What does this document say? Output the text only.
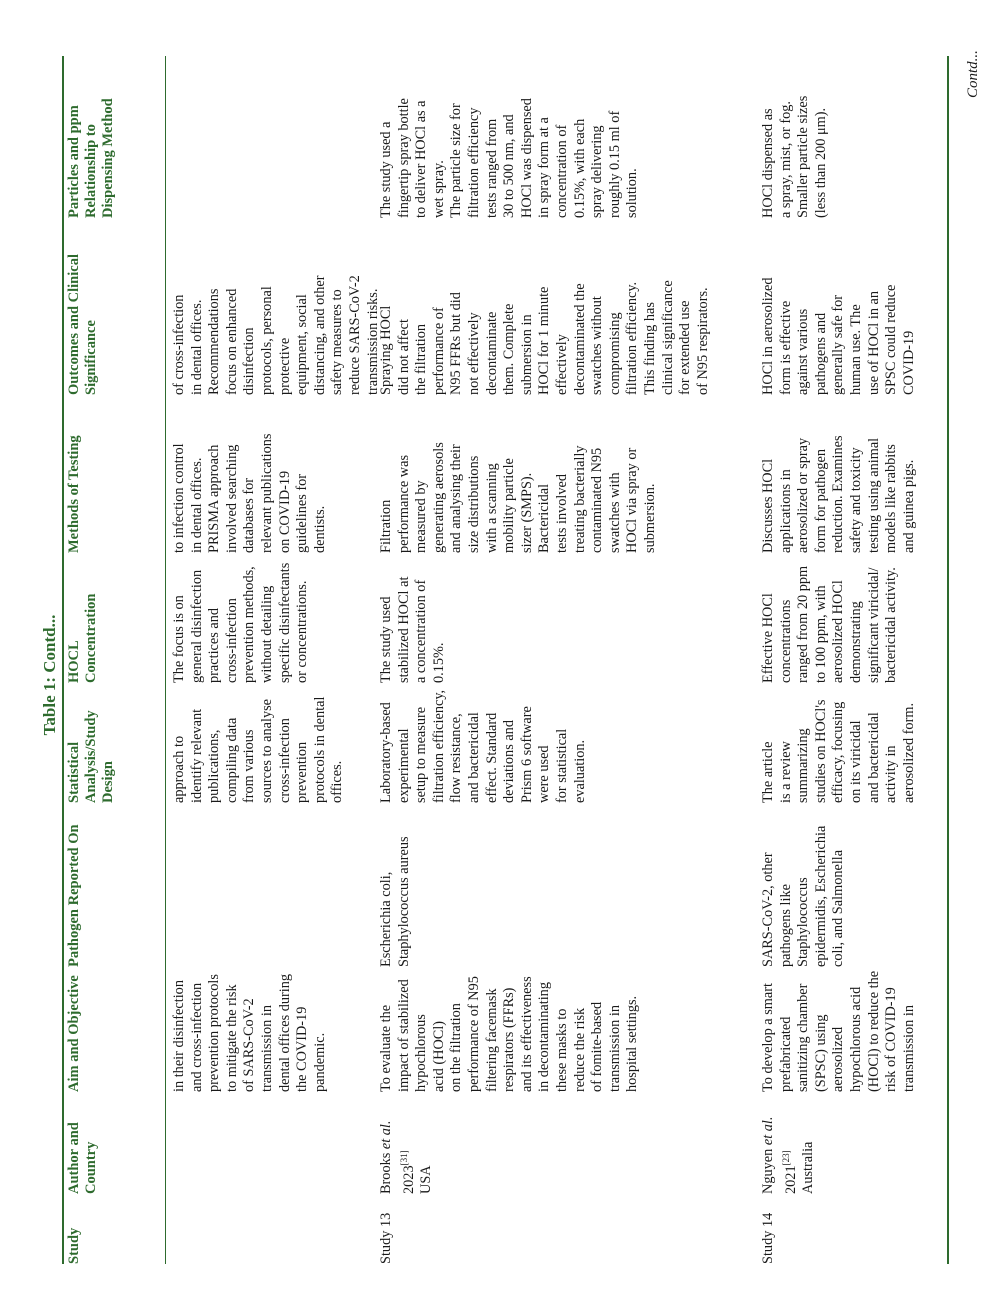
Table 1: Contd...
Study
Author and Country
Aim and Objective
Pathogen Reported On
Statistical Analysis/Study Design
HOCL Concentration
Methods of Testing
Outcomes and Clinical Significance
Particles and ppm Relationship to Dispensing Method
in their disinfection
and cross-infection
prevention protocols
to mitigate the risk
of SARS-CoV-2
transmission in
dental offices during
the COVID-19
pandemic.
approach to
identify relevant
publications,
compiling data
from various
sources to analyse
cross-infection
prevention
protocols in dental
offices.
The focus is on
general disinfection
practices and
cross-infection
prevention methods,
without detailing
specific disinfectants
or concentrations.
to infection control
in dental offices.
PRISMA approach
involved searching
databases for
relevant publications
on COVID-19
guidelines for
dentists.
of cross-infection
in dental offices.
Recommendations
focus on enhanced
disinfection
protocols, personal
protective
equipment, social
distancing, and other
safety measures to
reduce SARS-CoV-2
transmission risks.
Study 13
Brooks et al.
2023[31]
USA
To evaluate the
impact of stabilized
hypochlorous
acid (HOCl)
on the filtration
performance of N95
filtering facemask
respirators (FFRs)
and its effectiveness
in decontaminating
these masks to
reduce the risk
of fomite-based
transmission in
hospital settings.
Escherichia coli,
Staphylococcus aureus
Laboratory-based
experimental
setup to measure
filtration efficiency,
flow resistance,
and bactericidal
effect. Standard
deviations and
Prism 6 software
were used
for statistical
evaluation.
The study used
stabilized HOCl at
a concentration of
0.15%.
Filtration
performance was
measured by
generating aerosols
and analysing their
size distributions
with a scanning
mobility particle
sizer (SMPS).
Bactericidal
tests involved
treating bacterially
contaminated N95
swatches with
HOCl via spray or
submersion.
Spraying HOCl
did not affect
the filtration
performance of
N95 FFRs but did
not effectively
decontaminate
them. Complete
submersion in
HOCl for 1 minute
effectively
decontaminated the
swatches without
compromising
filtration efficiency.
This finding has
clinical significance
for extended use
of N95 respirators.
The study used a
fingertip spray bottle
to deliver HOCl as a
wet spray.
The particle size for
filtration efficiency
tests ranged from
30 to 500 nm, and
HOCl was dispensed
in spray form at a
concentration of
0.15%, with each
spray delivering
roughly 0.15 ml of
solution.
Study 14
Nguyen et al.
2021[23] Australia
To develop a smart
prefabricated
sanitizing chamber
(SPSC) using
aerosolized
hypochlorous acid
(HOCl) to reduce the
risk of COVID-19
transmission in
SARS-CoV-2, other
pathogens like
Staphylococcus
epidermidis, Escherichia
coli, and Salmonella
The article
is a review
summarizing
studies on HOCl's
efficacy, focusing
on its viricidal
and bactericidal
activity in
aerosolized form.
Effective HOCl
concentrations
ranged from 20 ppm
to 100 ppm, with
aerosolized HOCl
demonstrating
significant viricidal/
bactericidal activity.
Discusses HOCl
applications in
aerosolized or spray
form for pathogen
reduction. Examines
safety and toxicity
testing using animal
models like rabbits
and guinea pigs.
HOCl in aerosolized
form is effective
against various
pathogens and
generally safe for
human use. The
use of HOCl in an
SPSC could reduce
COVID-19
HOCl dispensed as
a spray, mist, or fog.
Smaller particle sizes
(less than 200 μm).
Contd...
